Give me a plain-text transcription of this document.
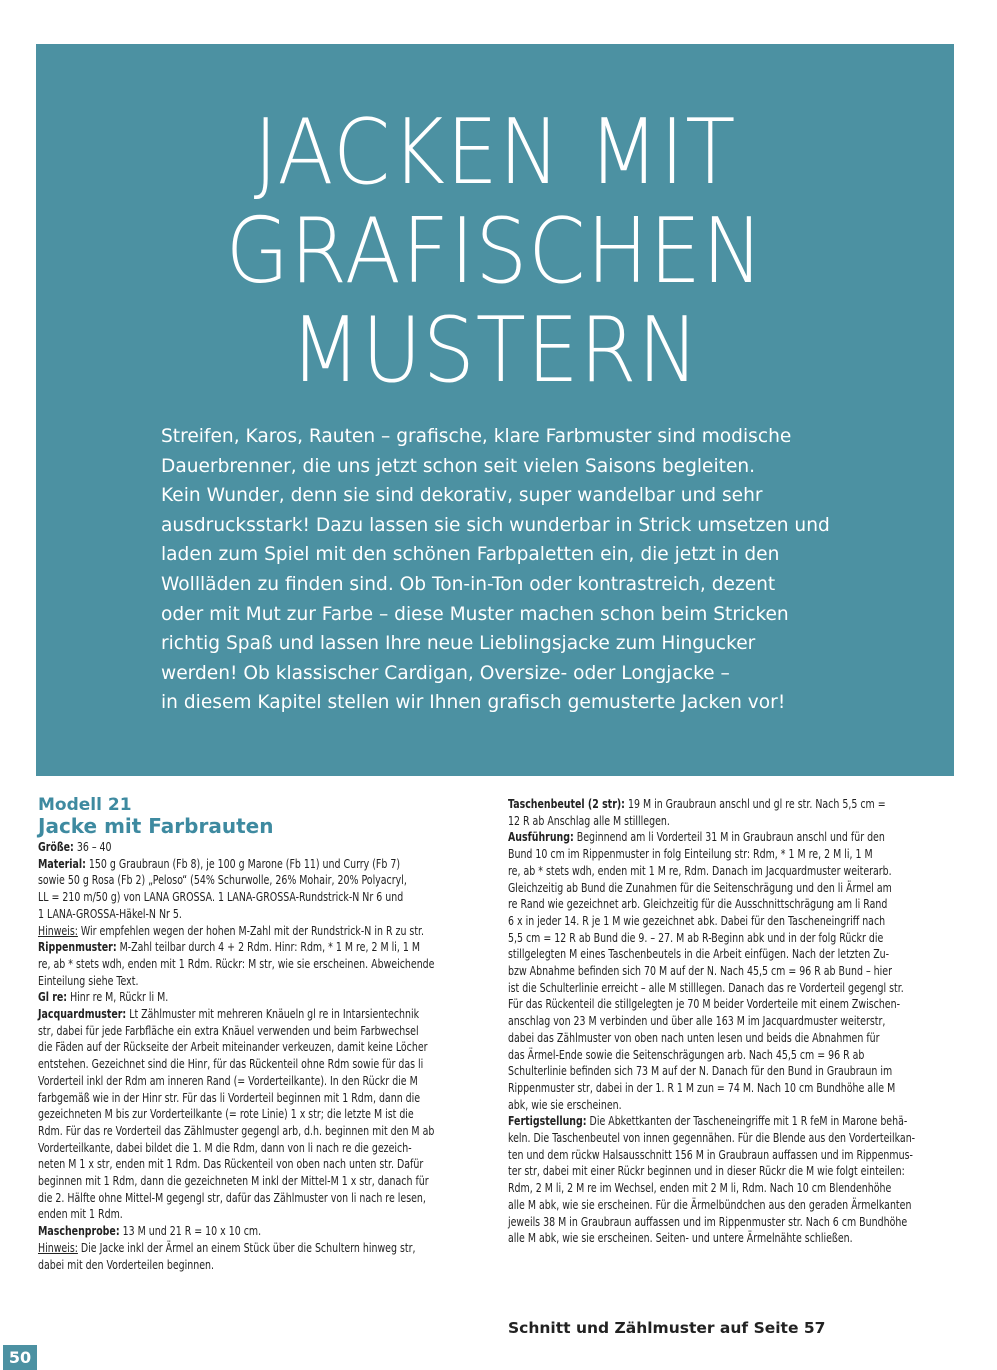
JACKEN MIT
GRAFISCHEN
MUSTERN
Streifen, Karos, Rauten – grafische, klare Farbmuster sind modische
Dauerbrenner, die uns jetzt schon seit vielen Saisons begleiten.
Kein Wunder, denn sie sind dekorativ, super wandelbar und sehr
ausdrucksstark! Dazu lassen sie sich wunderbar in Strick umsetzen und
laden zum Spiel mit den schönen Farbpaletten ein, die jetzt in den
Wollläden zu finden sind. Ob Ton-in-Ton oder kontrastreich, dezent
oder mit Mut zur Farbe – diese Muster machen schon beim Stricken
richtig Spaß und lassen Ihre neue Lieblingsjacke zum Hingucker
werden! Ob klassischer Cardigan, Oversize- oder Longjacke –
in diesem Kapitel stellen wir Ihnen grafisch gemusterte Jacken vor!
Modell 21
Jacke mit Farbrauten
Größe: 36 – 40
Material: 150 g Graubraun (Fb 8), je 100 g Marone (Fb 11) und Curry (Fb 7)
sowie 50 g Rosa (Fb 2) „Peloso“ (54% Schurwolle, 26% Mohair, 20% Polyacryl,
LL = 210 m/50 g) von LANA GROSSA. 1 LANA-GROSSA-Rundstrick-N Nr 6 und
1 LANA-GROSSA-Häkel-N Nr 5.
Hinweis: Wir empfehlen wegen der hohen M-Zahl mit der Rundstrick-N in R zu str.
Rippenmuster: M-Zahl teilbar durch 4 + 2 Rdm. Hinr: Rdm, * 1 M re, 2 M li, 1 M
re, ab * stets wdh, enden mit 1 Rdm. Rückr: M str, wie sie erscheinen. Abweichende
Einteilung siehe Text.
Gl re: Hinr re M, Rückr li M.
Jacquardmuster: Lt Zählmuster mit mehreren Knäueln gl re in Intarsientechnik
str, dabei für jede Farbfläche ein extra Knäuel verwenden und beim Farbwechsel
die Fäden auf der Rückseite der Arbeit miteinander verkeuzen, damit keine Löcher
entstehen. Gezeichnet sind die Hinr, für das Rückenteil ohne Rdm sowie für das li
Vorderteil inkl der Rdm am inneren Rand (= Vorderteilkante). In den Rückr die M
farbgemäß wie in der Hinr str. Für das li Vorderteil beginnen mit 1 Rdm, dann die
gezeichneten M bis zur Vorderteilkante (= rote Linie) 1 x str; die letzte M ist die
Rdm. Für das re Vorderteil das Zählmuster gegengl arb, d.h. beginnen mit den M ab
Vorderteilkante, dabei bildet die 1. M die Rdm, dann von li nach re die gezeich-
neten M 1 x str, enden mit 1 Rdm. Das Rückenteil von oben nach unten str. Dafür
beginnen mit 1 Rdm, dann die gezeichneten M inkl der Mittel-M 1 x str, danach für
die 2. Hälfte ohne Mittel-M gegengl str, dafür das Zählmuster von li nach re lesen,
enden mit 1 Rdm.
Maschenprobe: 13 M und 21 R = 10 x 10 cm.
Hinweis: Die Jacke inkl der Ärmel an einem Stück über die Schultern hinweg str,
dabei mit den Vorderteilen beginnen.
Taschenbeutel (2 str): 19 M in Graubraun anschl und gl re str. Nach 5,5 cm =
12 R ab Anschlag alle M stilllegen.
Ausführung: Beginnend am li Vorderteil 31 M in Graubraun anschl und für den
Bund 10 cm im Rippenmuster in folg Einteilung str: Rdm, * 1 M re, 2 M li, 1 M
re, ab * stets wdh, enden mit 1 M re, Rdm. Danach im Jacquardmuster weiterarb.
Gleichzeitig ab Bund die Zunahmen für die Seitenschrägung und den li Ärmel am
re Rand wie gezeichnet arb. Gleichzeitig für die Ausschnittschrägung am li Rand
6 x in jeder 14. R je 1 M wie gezeichnet abk. Dabei für den Tascheneingriff nach
5,5 cm = 12 R ab Bund die 9. – 27. M ab R-Beginn abk und in der folg Rückr die
stillgelegten M eines Taschenbeutels in die Arbeit einfügen. Nach der letzten Zu-
bzw Abnahme befinden sich 70 M auf der N. Nach 45,5 cm = 96 R ab Bund – hier
ist die Schulterlinie erreicht – alle M stilllegen. Danach das re Vorderteil gegengl str.
Für das Rückenteil die stillgelegten je 70 M beider Vorderteile mit einem Zwischen-
anschlag von 23 M verbinden und über alle 163 M im Jacquardmuster weiterstr,
dabei das Zählmuster von oben nach unten lesen und beids die Abnahmen für
das Ärmel-Ende sowie die Seitenschrägungen arb. Nach 45,5 cm = 96 R ab
Schulterlinie befinden sich 73 M auf der N. Danach für den Bund in Graubraun im
Rippenmuster str, dabei in der 1. R 1 M zun = 74 M. Nach 10 cm Bundhöhe alle M
abk, wie sie erscheinen.
Fertigstellung: Die Abkettkanten der Tascheneingriffe mit 1 R feM in Marone behä-
keln. Die Taschenbeutel von innen gegennähen. Für die Blende aus den Vorderteilkan-
ten und dem rückw Halsausschnitt 156 M in Graubraun auffassen und im Rippenmus-
ter str, dabei mit einer Rückr beginnen und in dieser Rückr die M wie folgt einteilen:
Rdm, 2 M li, 2 M re im Wechsel, enden mit 2 M li, Rdm. Nach 10 cm Blendenhöhe
alle M abk, wie sie erscheinen. Für die Ärmelbündchen aus den geraden Ärmelkanten
jeweils 38 M in Graubraun auffassen und im Rippenmuster str. Nach 6 cm Bundhöhe
alle M abk, wie sie erscheinen. Seiten- und untere Ärmelnähte schließen.
Schnitt und Zählmuster auf Seite 57
50
